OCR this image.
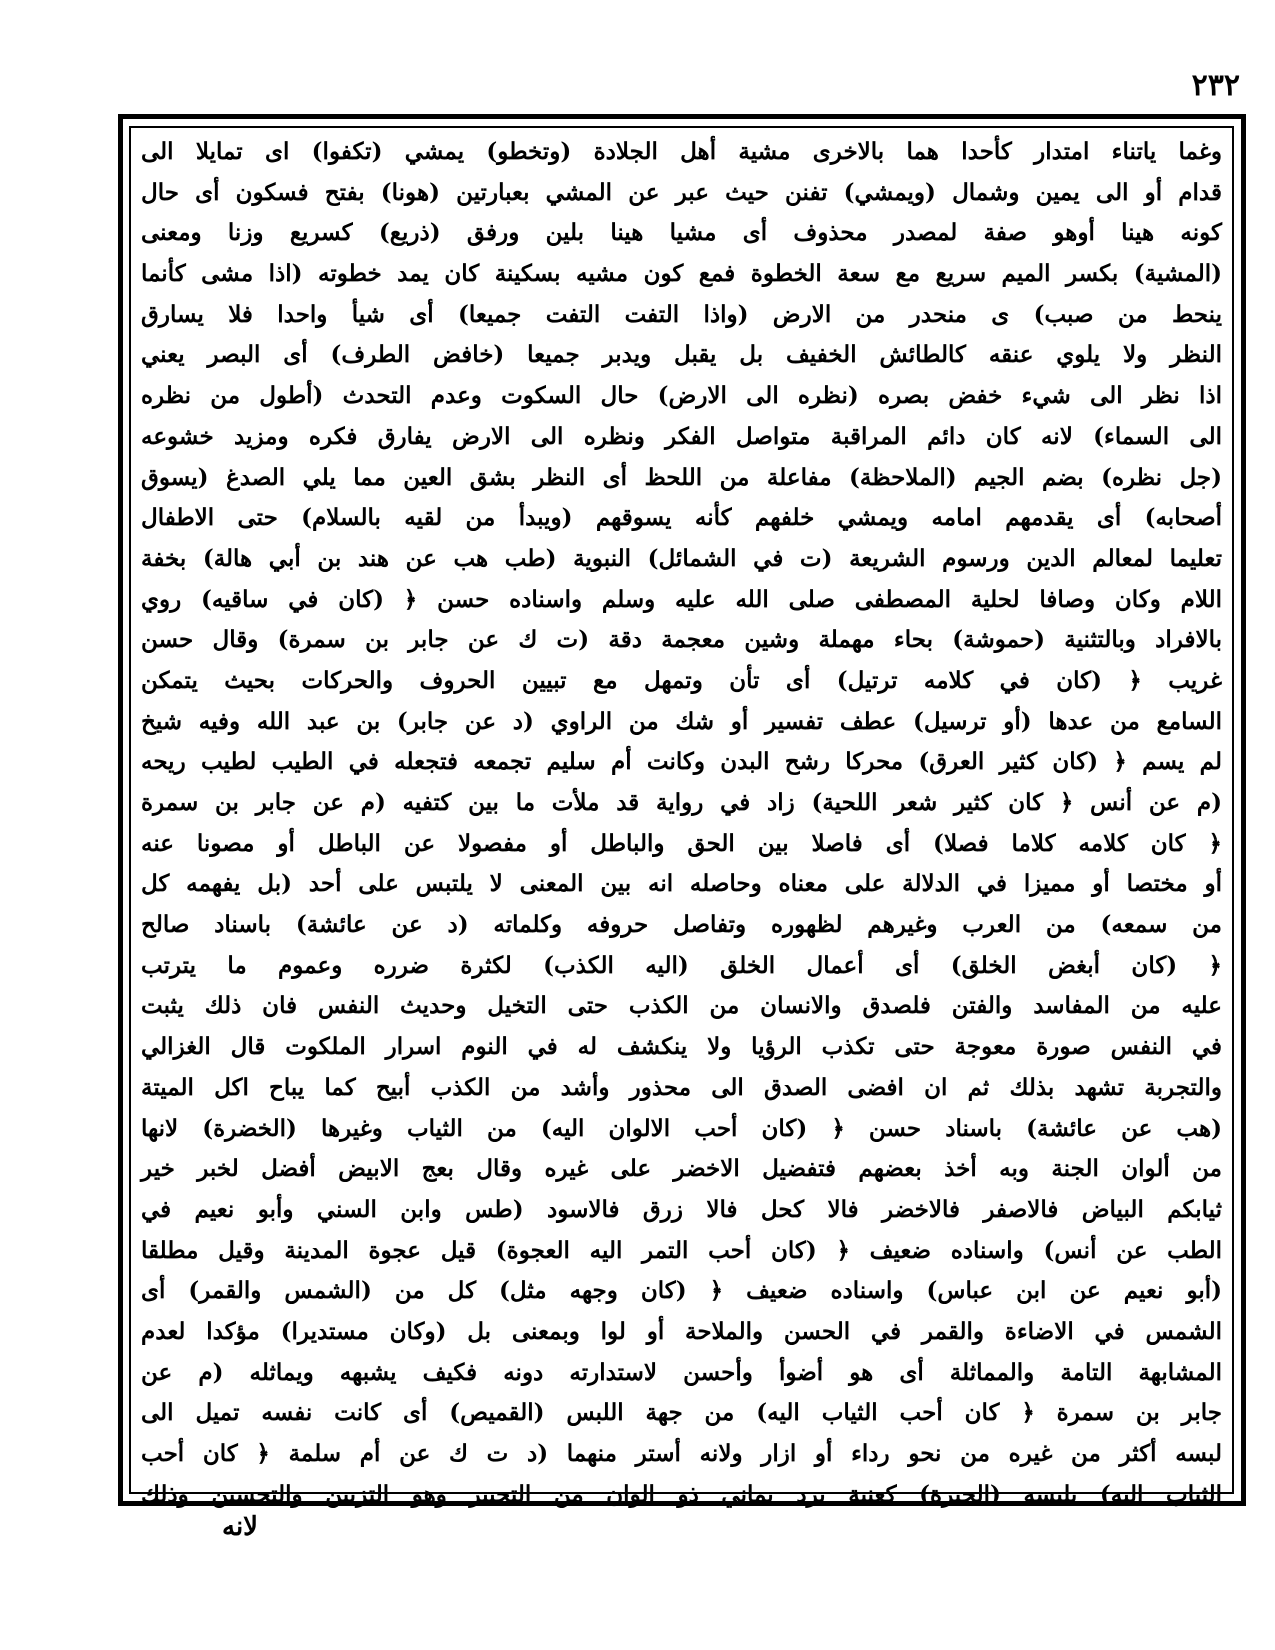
٢٣٢
وغما ياتناء امتدار كأحدا هما بالاخرى مشية أهل الجلادة (وتخطو) يمشي (تكفوا) اى تمايلا الى
قدام أو الى يمين وشمال (ويمشي) تفنن حيث عبر عن المشي بعبارتين (هونا) بفتح فسكون أى حال
كونه هينا أوهو صفة لمصدر محذوف أى مشيا هينا بلين ورفق (ذريع) كسريع وزنا ومعنى
(المشية) بكسر الميم سريع مع سعة الخطوة فمع كون مشيه بسكينة كان يمد خطوته (اذا مشى كأنما
ينحط من صبب) ى منحدر من الارض (واذا التفت التفت جميعا) أى شيأ واحدا فلا يسارق
النظر ولا يلوي عنقه كالطائش الخفيف بل يقبل ويدبر جميعا (خافض الطرف) أى البصر يعني
اذا نظر الى شيء خفض بصره (نظره الى الارض) حال السكوت وعدم التحدث (أطول من نظره
الى السماء) لانه كان دائم المراقبة متواصل الفكر ونظره الى الارض يفارق فكره ومزيد خشوعه
(جل نظره) بضم الجيم (الملاحظة) مفاعلة من اللحظ أى النظر بشق العين مما يلي الصدغ (يسوق
أصحابه) أى يقدمهم امامه ويمشي خلفهم كأنه يسوقهم (ويبدأ من لقيه بالسلام) حتى الاطفال
تعليما لمعالم الدين ورسوم الشريعة (ت في الشمائل) النبوية (طب هب عن هند بن أبي هالة) بخفة
اللام وكان وصافا لحلية المصطفى صلى الله عليه وسلم واسناده حسن ﴿ (كان في ساقيه) روي
بالافراد وبالتثنية (حموشة) بحاء مهملة وشين معجمة دقة (ت ك عن جابر بن سمرة) وقال حسن
غريب ﴿ (كان في كلامه ترتيل) أى تأن وتمهل مع تبيين الحروف والحركات بحيث يتمكن
السامع من عدها (أو ترسيل) عطف تفسير أو شك من الراوي (د عن جابر) بن عبد الله وفيه شيخ
لم يسم ﴿ (كان كثير العرق) محركا رشح البدن وكانت أم سليم تجمعه فتجعله في الطيب لطيب ريحه
(م عن أنس ﴿ كان كثير شعر اللحية) زاد في رواية قد ملأت ما بين كتفيه (م عن جابر بن سمرة
﴿ كان كلامه كلاما فصلا) أى فاصلا بين الحق والباطل أو مفصولا عن الباطل أو مصونا عنه
أو مختصا أو مميزا في الدلالة على معناه وحاصله انه بين المعنى لا يلتبس على أحد (بل يفهمه كل
من سمعه) من العرب وغيرهم لظهوره وتفاصل حروفه وكلماته (د عن عائشة) باسناد صالح
﴿ (كان أبغض الخلق) أى أعمال الخلق (اليه الكذب) لكثرة ضرره وعموم ما يترتب
عليه من المفاسد والفتن فلصدق والانسان من الكذب حتى التخيل وحديث النفس فان ذلك يثبت
في النفس صورة معوجة حتى تكذب الرؤيا ولا ينكشف له في النوم اسرار الملكوت قال الغزالي
والتجربة تشهد بذلك ثم ان افضى الصدق الى محذور وأشد من الكذب أبيح كما يباح اكل الميتة
(هب عن عائشة) باسناد حسن ﴿ (كان أحب الالوان اليه) من الثياب وغيرها (الخضرة) لانها
من ألوان الجنة وبه أخذ بعضهم فتفضيل الاخضر على غيره وقال بعج الابيض أفضل لخبر خير
ثيابكم البياض فالاصفر فالاخضر فالا كحل فالا زرق فالاسود (طس وابن السني وأبو نعيم في
الطب عن أنس) واسناده ضعيف ﴿ (كان أحب التمر اليه العجوة) قيل عجوة المدينة وقيل مطلقا
(أبو نعيم عن ابن عباس) واسناده ضعيف ﴿ (كان وجهه مثل) كل من (الشمس والقمر) أى
الشمس في الاضاءة والقمر في الحسن والملاحة أو لوا وبمعنى بل (وكان مستديرا) مؤكدا لعدم
المشابهة التامة والمماثلة أى هو أضوأ وأحسن لاستدارته دونه فكيف يشبهه ويماثله (م عن
جابر بن سمرة ﴿ كان أحب الثياب اليه) من جهة اللبس (القميص) أى كانت نفسه تميل الى
لبسه أكثر من غيره من نحو رداء أو ازار ولانه أستر منهما (د ت ك عن أم سلمة ﴿ كان أحب
الثياب اليه) يلبسه (الحبرة) كعنبة برد يماني ذو الوان من التحبير وهو التزيين والتحسين وذلك
لانه
